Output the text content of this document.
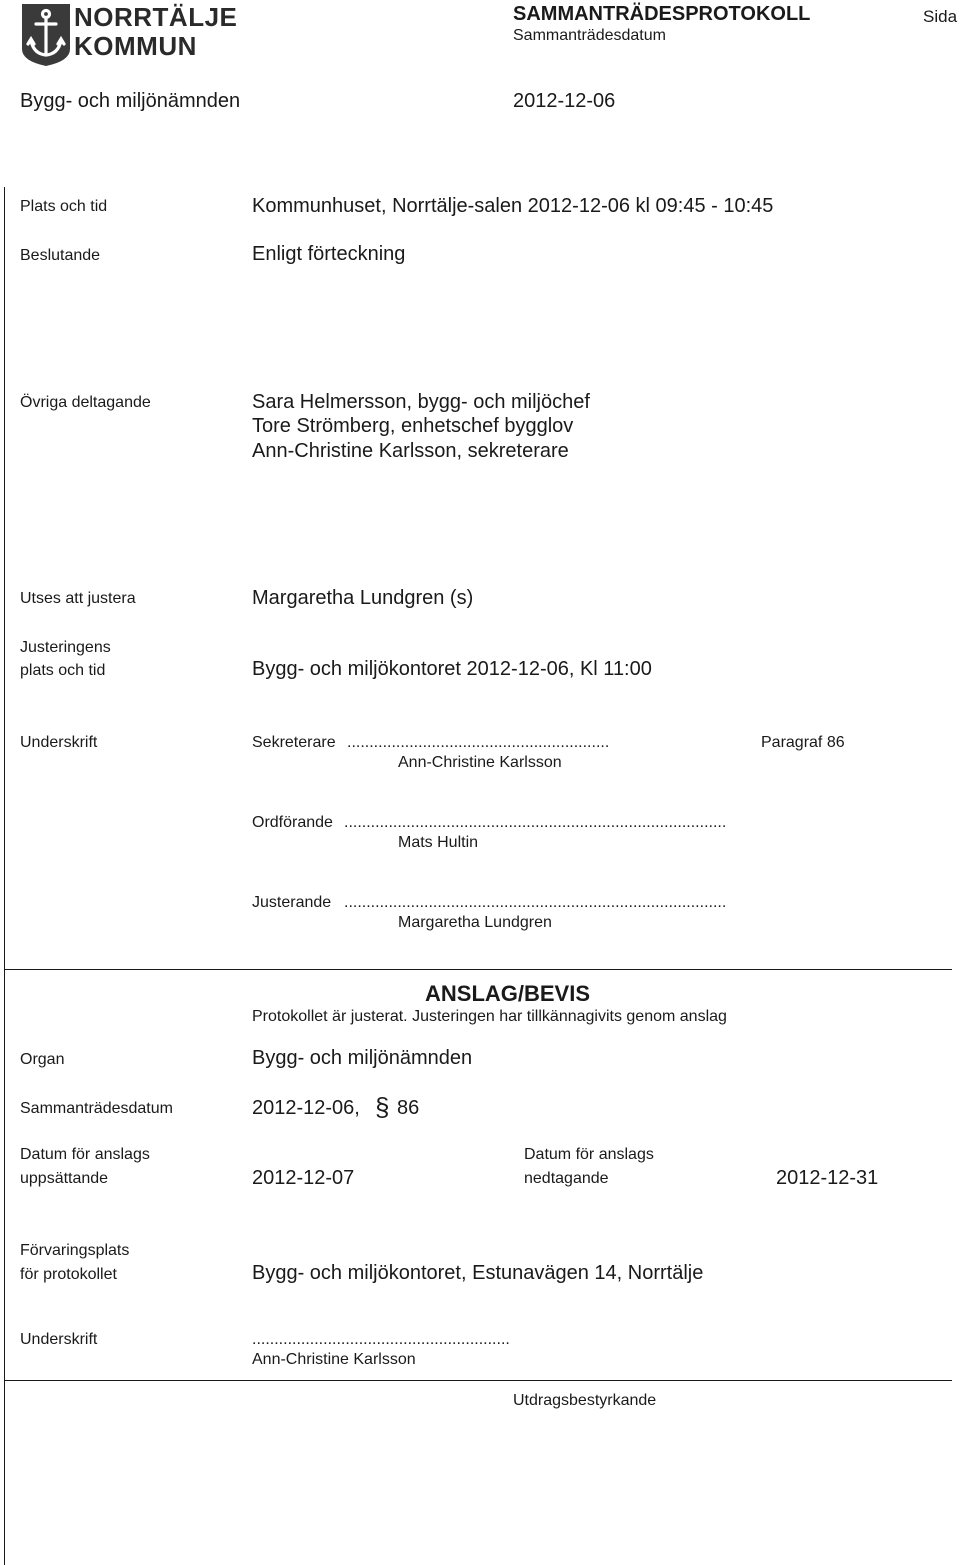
NORRTÄLJE
KOMMUN
SAMMANTRÄDESPROTOKOLL
Sammanträdesdatum
Sida
Bygg- och miljönämnden	2012-12-06
Plats och tid	Kommunhuset, Norrtälje-salen 2012-12-06 kl 09:45 - 10:45
Beslutande	Enligt förteckning
Övriga deltagande	Sara Helmersson, bygg- och miljöchef
Tore Strömberg, enhetschef bygglov
Ann-Christine Karlsson, sekreterare
Utses att justera	Margaretha Lundgren (s)
Justeringens
plats och tid	Bygg- och miljökontoret 2012-12-06, Kl 11:00
Underskrift	Sekreterare ...........................................................	Paragraf 86
Ann-Christine Karlsson
Ordförande ......................................................................................
Mats Hultin
Justerande ......................................................................................
Margaretha Lundgren
ANSLAG/BEVIS
Protokollet är justerat. Justeringen har tillkännagivits genom anslag
Organ	Bygg- och miljönämnden
Sammanträdesdatum	2012-12-06, § 86
Datum för anslags
uppsättande	2012-12-07
Datum för anslags
nedtagande	2012-12-31
Förvaringsplats
för protokollet	Bygg- och miljökontoret, Estunavägen 14, Norrtälje
Underskrift	..........................................................
Ann-Christine Karlsson
Utdragsbestyrkande
